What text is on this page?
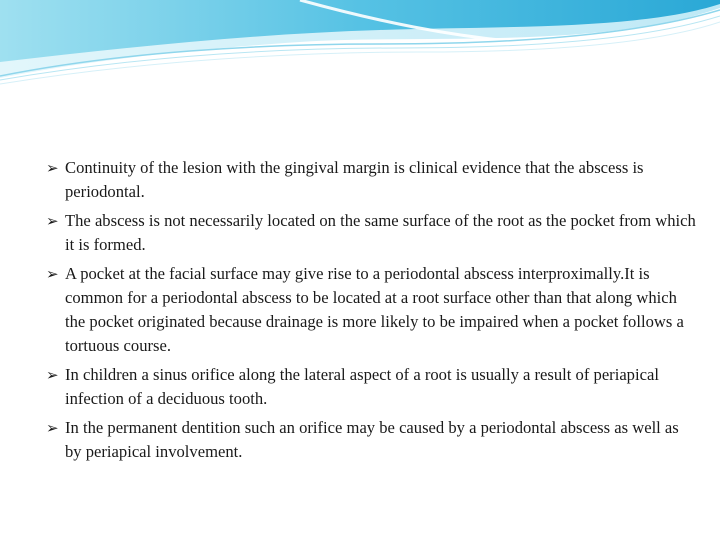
➢ Continuity of the lesion with the gingival margin is clinical evidence that the abscess is periodontal.
➢ The abscess is not necessarily located on the same surface of the root as the pocket from which it is formed.
➢ A pocket at the facial surface may give rise to a periodontal abscess interproximally.It is common for a periodontal abscess to be located at a root surface other than that along which the pocket originated because drainage is more likely to be impaired when a pocket follows a tortuous course.
➢ In children a sinus orifice along the lateral aspect of a root is usually a result of periapical infection of a deciduous tooth.
➢ In the permanent dentition such an orifice may be caused by a periodontal abscess as well as by periapical involvement.
